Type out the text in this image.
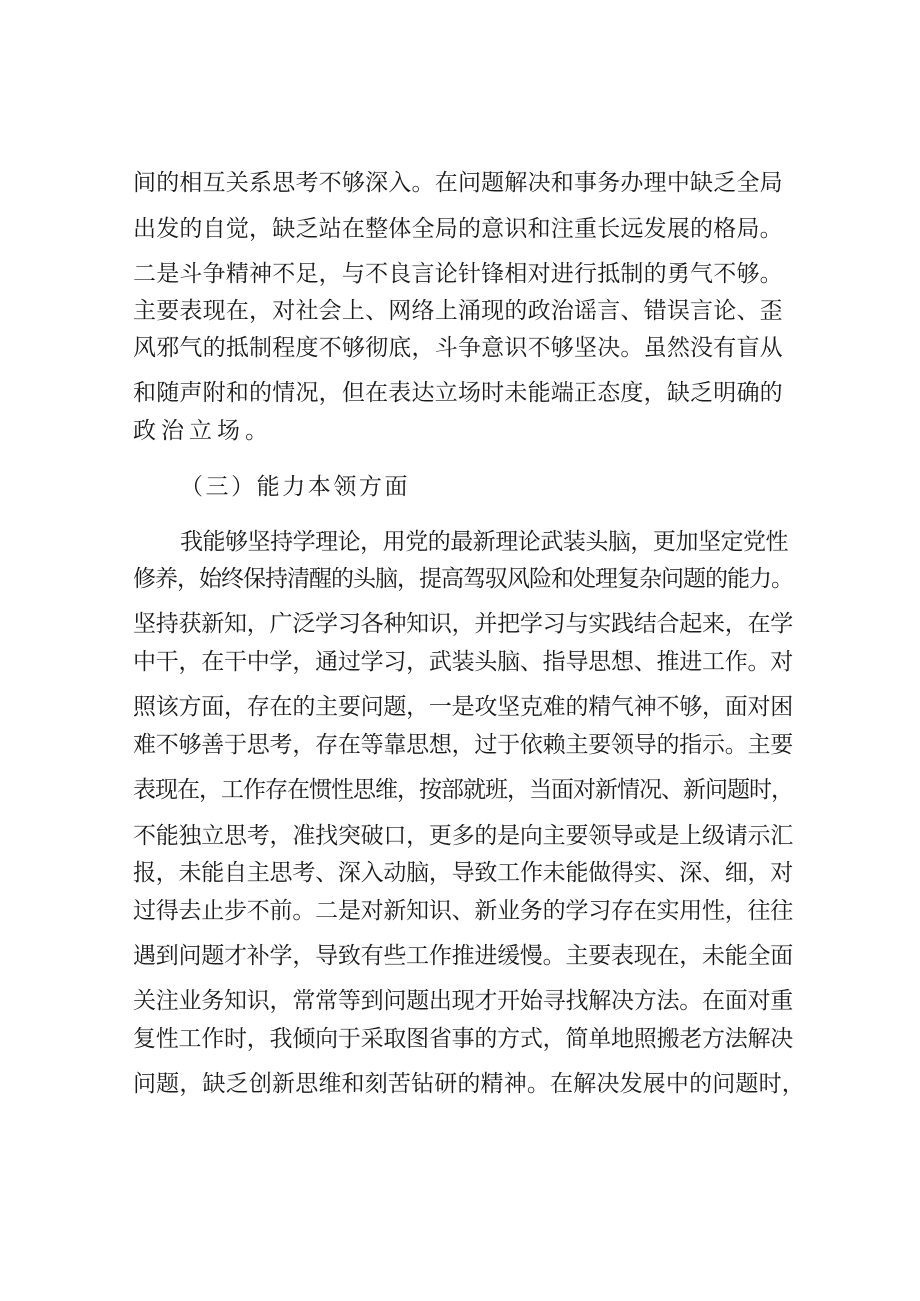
间的相互关系思考不够深入。在问题解决和事务办理中缺乏全局
出发的自觉，缺乏站在整体全局的意识和注重长远发展的格局。
二是斗争精神不足，与不良言论针锋相对进行抵制的勇气不够。
主要表现在，对社会上、网络上涌现的政治谣言、错误言论、歪
风邪气的抵制程度不够彻底，斗争意识不够坚决。虽然没有盲从
和随声附和的情况，但在表达立场时未能端正态度，缺乏明确的
政治立场。
（三）能力本领方面
我能够坚持学理论，用党的最新理论武装头脑，更加坚定党性
修养，始终保持清醒的头脑，提高驾驭风险和处理复杂问题的能力。
坚持获新知，广泛学习各种知识，并把学习与实践结合起来，在学
中干，在干中学，通过学习，武装头脑、指导思想、推进工作。对
照该方面，存在的主要问题，一是攻坚克难的精气神不够，面对困
难不够善于思考，存在等靠思想，过于依赖主要领导的指示。主要
表现在，工作存在惯性思维，按部就班，当面对新情况、新问题时，
不能独立思考，准找突破口，更多的是向主要领导或是上级请示汇
报，未能自主思考、深入动脑，导致工作未能做得实、深、细，对
过得去止步不前。二是对新知识、新业务的学习存在实用性，往往
遇到问题才补学，导致有些工作推进缓慢。主要表现在，未能全面
关注业务知识，常常等到问题出现才开始寻找解决方法。在面对重
复性工作时，我倾向于采取图省事的方式，简单地照搬老方法解决
问题，缺乏创新思维和刻苦钻研的精神。在解决发展中的问题时，
